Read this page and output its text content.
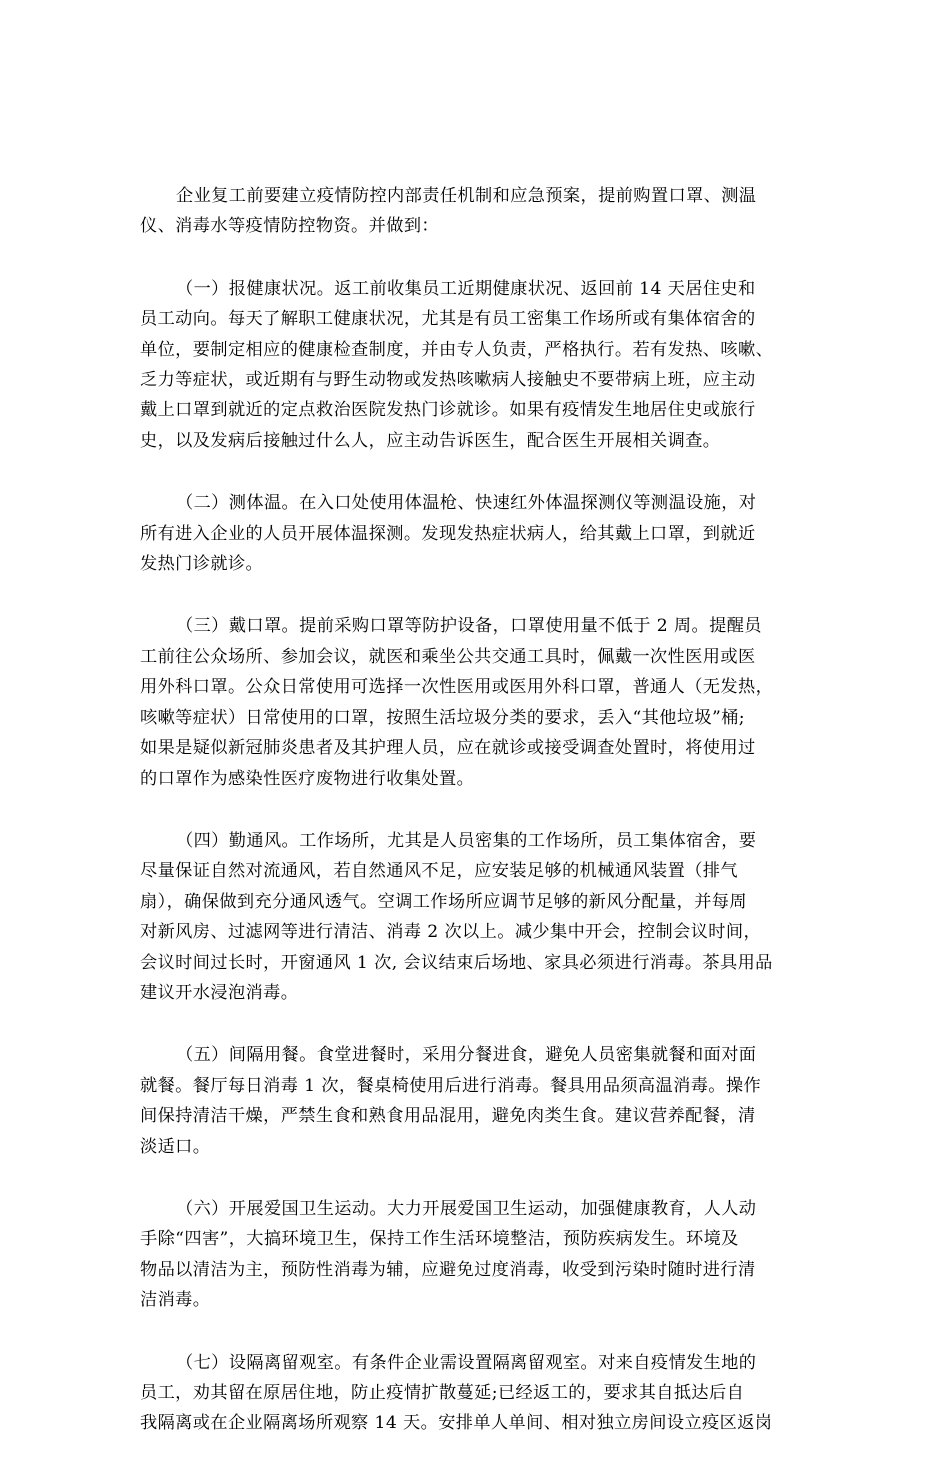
企业复工前要建立疫情防控内部责任机制和应急预案，提前购置口罩、测温
仪、消毒水等疫情防控物资。并做到：

（一）报健康状况。返工前收集员工近期健康状况、返回前 14 天居住史和
员工动向。每天了解职工健康状况，尤其是有员工密集工作场所或有集体宿舍的
单位，要制定相应的健康检查制度，并由专人负责，严格执行。若有发热、咳嗽、
乏力等症状，或近期有与野生动物或发热咳嗽病人接触史不要带病上班，应主动
戴上口罩到就近的定点救治医院发热门诊就诊。如果有疫情发生地居住史或旅行
史，以及发病后接触过什么人，应主动告诉医生，配合医生开展相关调查。

（二）测体温。在入口处使用体温枪、快速红外体温探测仪等测温设施，对
所有进入企业的人员开展体温探测。发现发热症状病人，给其戴上口罩，到就近
发热门诊就诊。

（三）戴口罩。提前采购口罩等防护设备，口罩使用量不低于 2 周。提醒员
工前往公众场所、参加会议，就医和乘坐公共交通工具时，佩戴一次性医用或医
用外科口罩。公众日常使用可选择一次性医用或医用外科口罩，普通人（无发热，
咳嗽等症状）日常使用的口罩，按照生活垃圾分类的要求，丢入“其他垃圾”桶;
如果是疑似新冠肺炎患者及其护理人员，应在就诊或接受调查处置时，将使用过
的口罩作为感染性医疗废物进行收集处置。

（四）勤通风。工作场所，尤其是人员密集的工作场所，员工集体宿舍，要
尽量保证自然对流通风，若自然通风不足，应安装足够的机械通风装置（排气
扇），确保做到充分通风透气。空调工作场所应调节足够的新风分配量，并每周
对新风房、过滤网等进行清洁、消毒 2 次以上。减少集中开会，控制会议时间，
会议时间过长时，开窗通风 1 次, 会议结束后场地、家具必须进行消毒。茶具用品
建议开水浸泡消毒。

（五）间隔用餐。食堂进餐时，采用分餐进食，避免人员密集就餐和面对面
就餐。餐厅每日消毒 1 次，餐桌椅使用后进行消毒。餐具用品须高温消毒。操作
间保持清洁干燥，严禁生食和熟食用品混用，避免肉类生食。建议营养配餐，清
淡适口。

（六）开展爱国卫生运动。大力开展爱国卫生运动，加强健康教育，人人动
手除“四害”，大搞环境卫生，保持工作生活环境整洁，预防疾病发生。环境及
物品以清洁为主，预防性消毒为辅，应避免过度消毒，收受到污染时随时进行清
洁消毒。

（七）设隔离留观室。有条件企业需设置隔离留观室。对来自疫情发生地的
员工，劝其留在原居住地，防止疫情扩散蔓延;已经返工的，要求其自抵达后自
我隔离或在企业隔离场所观察 14 天。安排单人单间、相对独立房间设立疫区返岗
